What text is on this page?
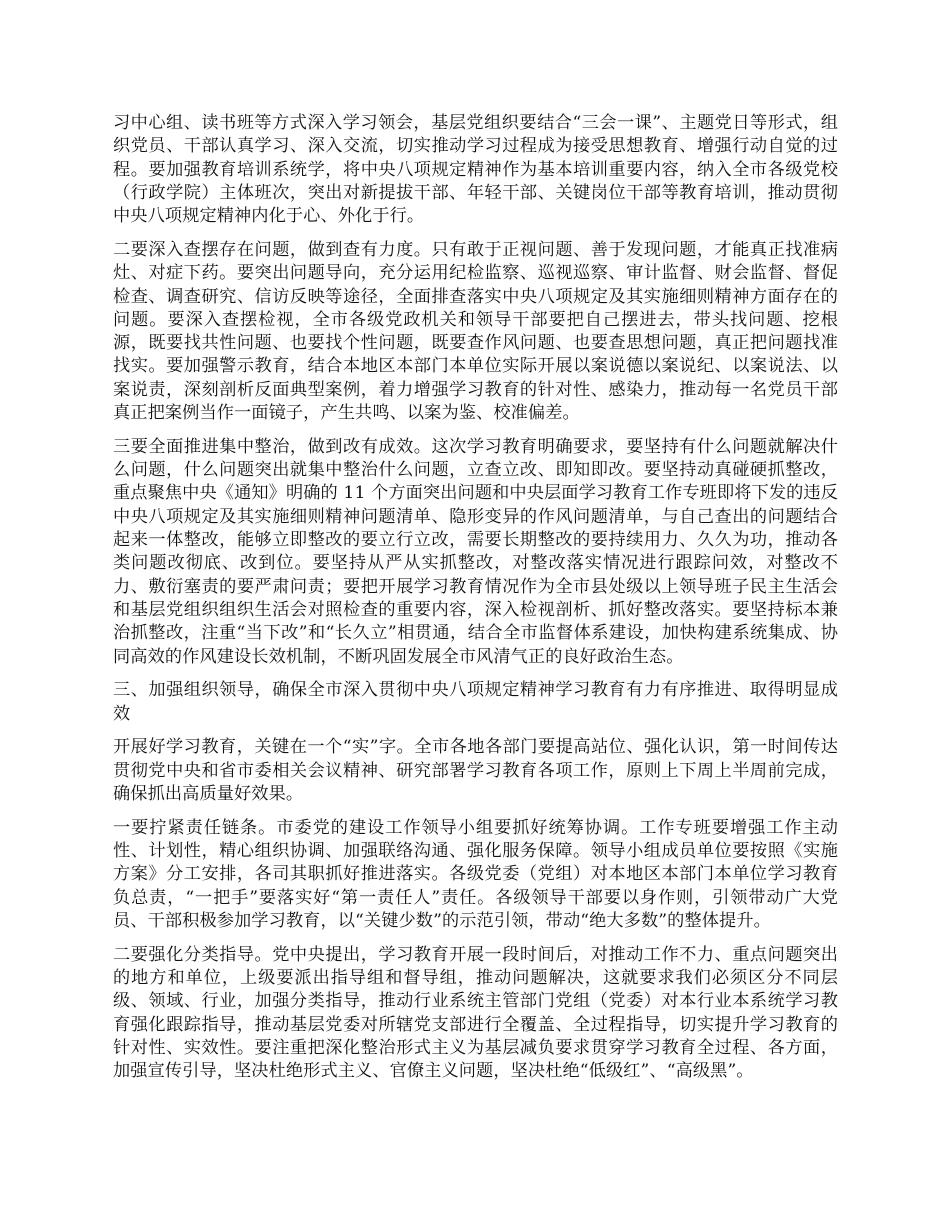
习中心组、读书班等方式深入学习领会，基层党组织要结合“三会一课”、主题党日等形式，组织党员、干部认真学习、深入交流，切实推动学习过程成为接受思想教育、增强行动自觉的过程。要加强教育培训系统学，将中央八项规定精神作为基本培训重要内容，纳入全市各级党校（行政学院）主体班次，突出对新提拔干部、年轻干部、关键岗位干部等教育培训，推动贯彻中央八项规定精神内化于心、外化于行。

二要深入查摆存在问题，做到查有力度。只有敢于正视问题、善于发现问题，才能真正找准病灶、对症下药。要突出问题导向，充分运用纪检监察、巡视巡察、审计监督、财会监督、督促检查、调查研究、信访反映等途径，全面排查落实中央八项规定及其实施细则精神方面存在的问题。要深入查摆检视，全市各级党政机关和领导干部要把自己摆进去，带头找问题、挖根源，既要找共性问题、也要找个性问题，既要查作风问题、也要查思想问题，真正把问题找准找实。要加强警示教育，结合本地区本部门本单位实际开展以案说德以案说纪、以案说法、以案说责，深刻剖析反面典型案例，着力增强学习教育的针对性、感染力，推动每一名党员干部真正把案例当作一面镜子，产生共鸣、以案为鉴、校准偏差。

三要全面推进集中整治，做到改有成效。这次学习教育明确要求，要坚持有什么问题就解决什么问题，什么问题突出就集中整治什么问题，立查立改、即知即改。要坚持动真碰硬抓整改，重点聚焦中央《通知》明确的 11 个方面突出问题和中央层面学习教育工作专班即将下发的违反中央八项规定及其实施细则精神问题清单、隐形变异的作风问题清单，与自己查出的问题结合起来一体整改，能够立即整改的要立行立改，需要长期整改的要持续用力、久久为功，推动各类问题改彻底、改到位。要坚持从严从实抓整改，对整改落实情况进行跟踪问效，对整改不力、敷衍塞责的要严肃问责；要把开展学习教育情况作为全市县处级以上领导班子民主生活会和基层党组织组织生活会对照检查的重要内容，深入检视剖析、抓好整改落实。要坚持标本兼治抓整改，注重“当下改”和“长久立”相贯通，结合全市监督体系建设，加快构建系统集成、协同高效的作风建设长效机制，不断巩固发展全市风清气正的良好政治生态。

三、加强组织领导，确保全市深入贯彻中央八项规定精神学习教育有力有序推进、取得明显成效

开展好学习教育，关键在一个“实”字。全市各地各部门要提高站位、强化认识，第一时间传达贯彻党中央和省市委相关会议精神、研究部署学习教育各项工作，原则上下周上半周前完成，确保抓出高质量好效果。

一要拧紧责任链条。市委党的建设工作领导小组要抓好统筹协调。工作专班要增强工作主动性、计划性，精心组织协调、加强联络沟通、强化服务保障。领导小组成员单位要按照《实施方案》分工安排，各司其职抓好推进落实。各级党委（党组）对本地区本部门本单位学习教育负总责，“一把手”要落实好“第一责任人”责任。各级领导干部要以身作则，引领带动广大党员、干部积极参加学习教育，以“关键少数”的示范引领，带动“绝大多数”的整体提升。

二要强化分类指导。党中央提出，学习教育开展一段时间后，对推动工作不力、重点问题突出的地方和单位，上级要派出指导组和督导组，推动问题解决，这就要求我们必须区分不同层级、领域、行业，加强分类指导，推动行业系统主管部门党组（党委）对本行业本系统学习教育强化跟踪指导，推动基层党委对所辖党支部进行全覆盖、全过程指导，切实提升学习教育的针对性、实效性。要注重把深化整治形式主义为基层减负要求贯穿学习教育全过程、各方面，加强宣传引导，坚决杜绝形式主义、官僚主义问题，坚决杜绝“低级红”、“高级黑”。
